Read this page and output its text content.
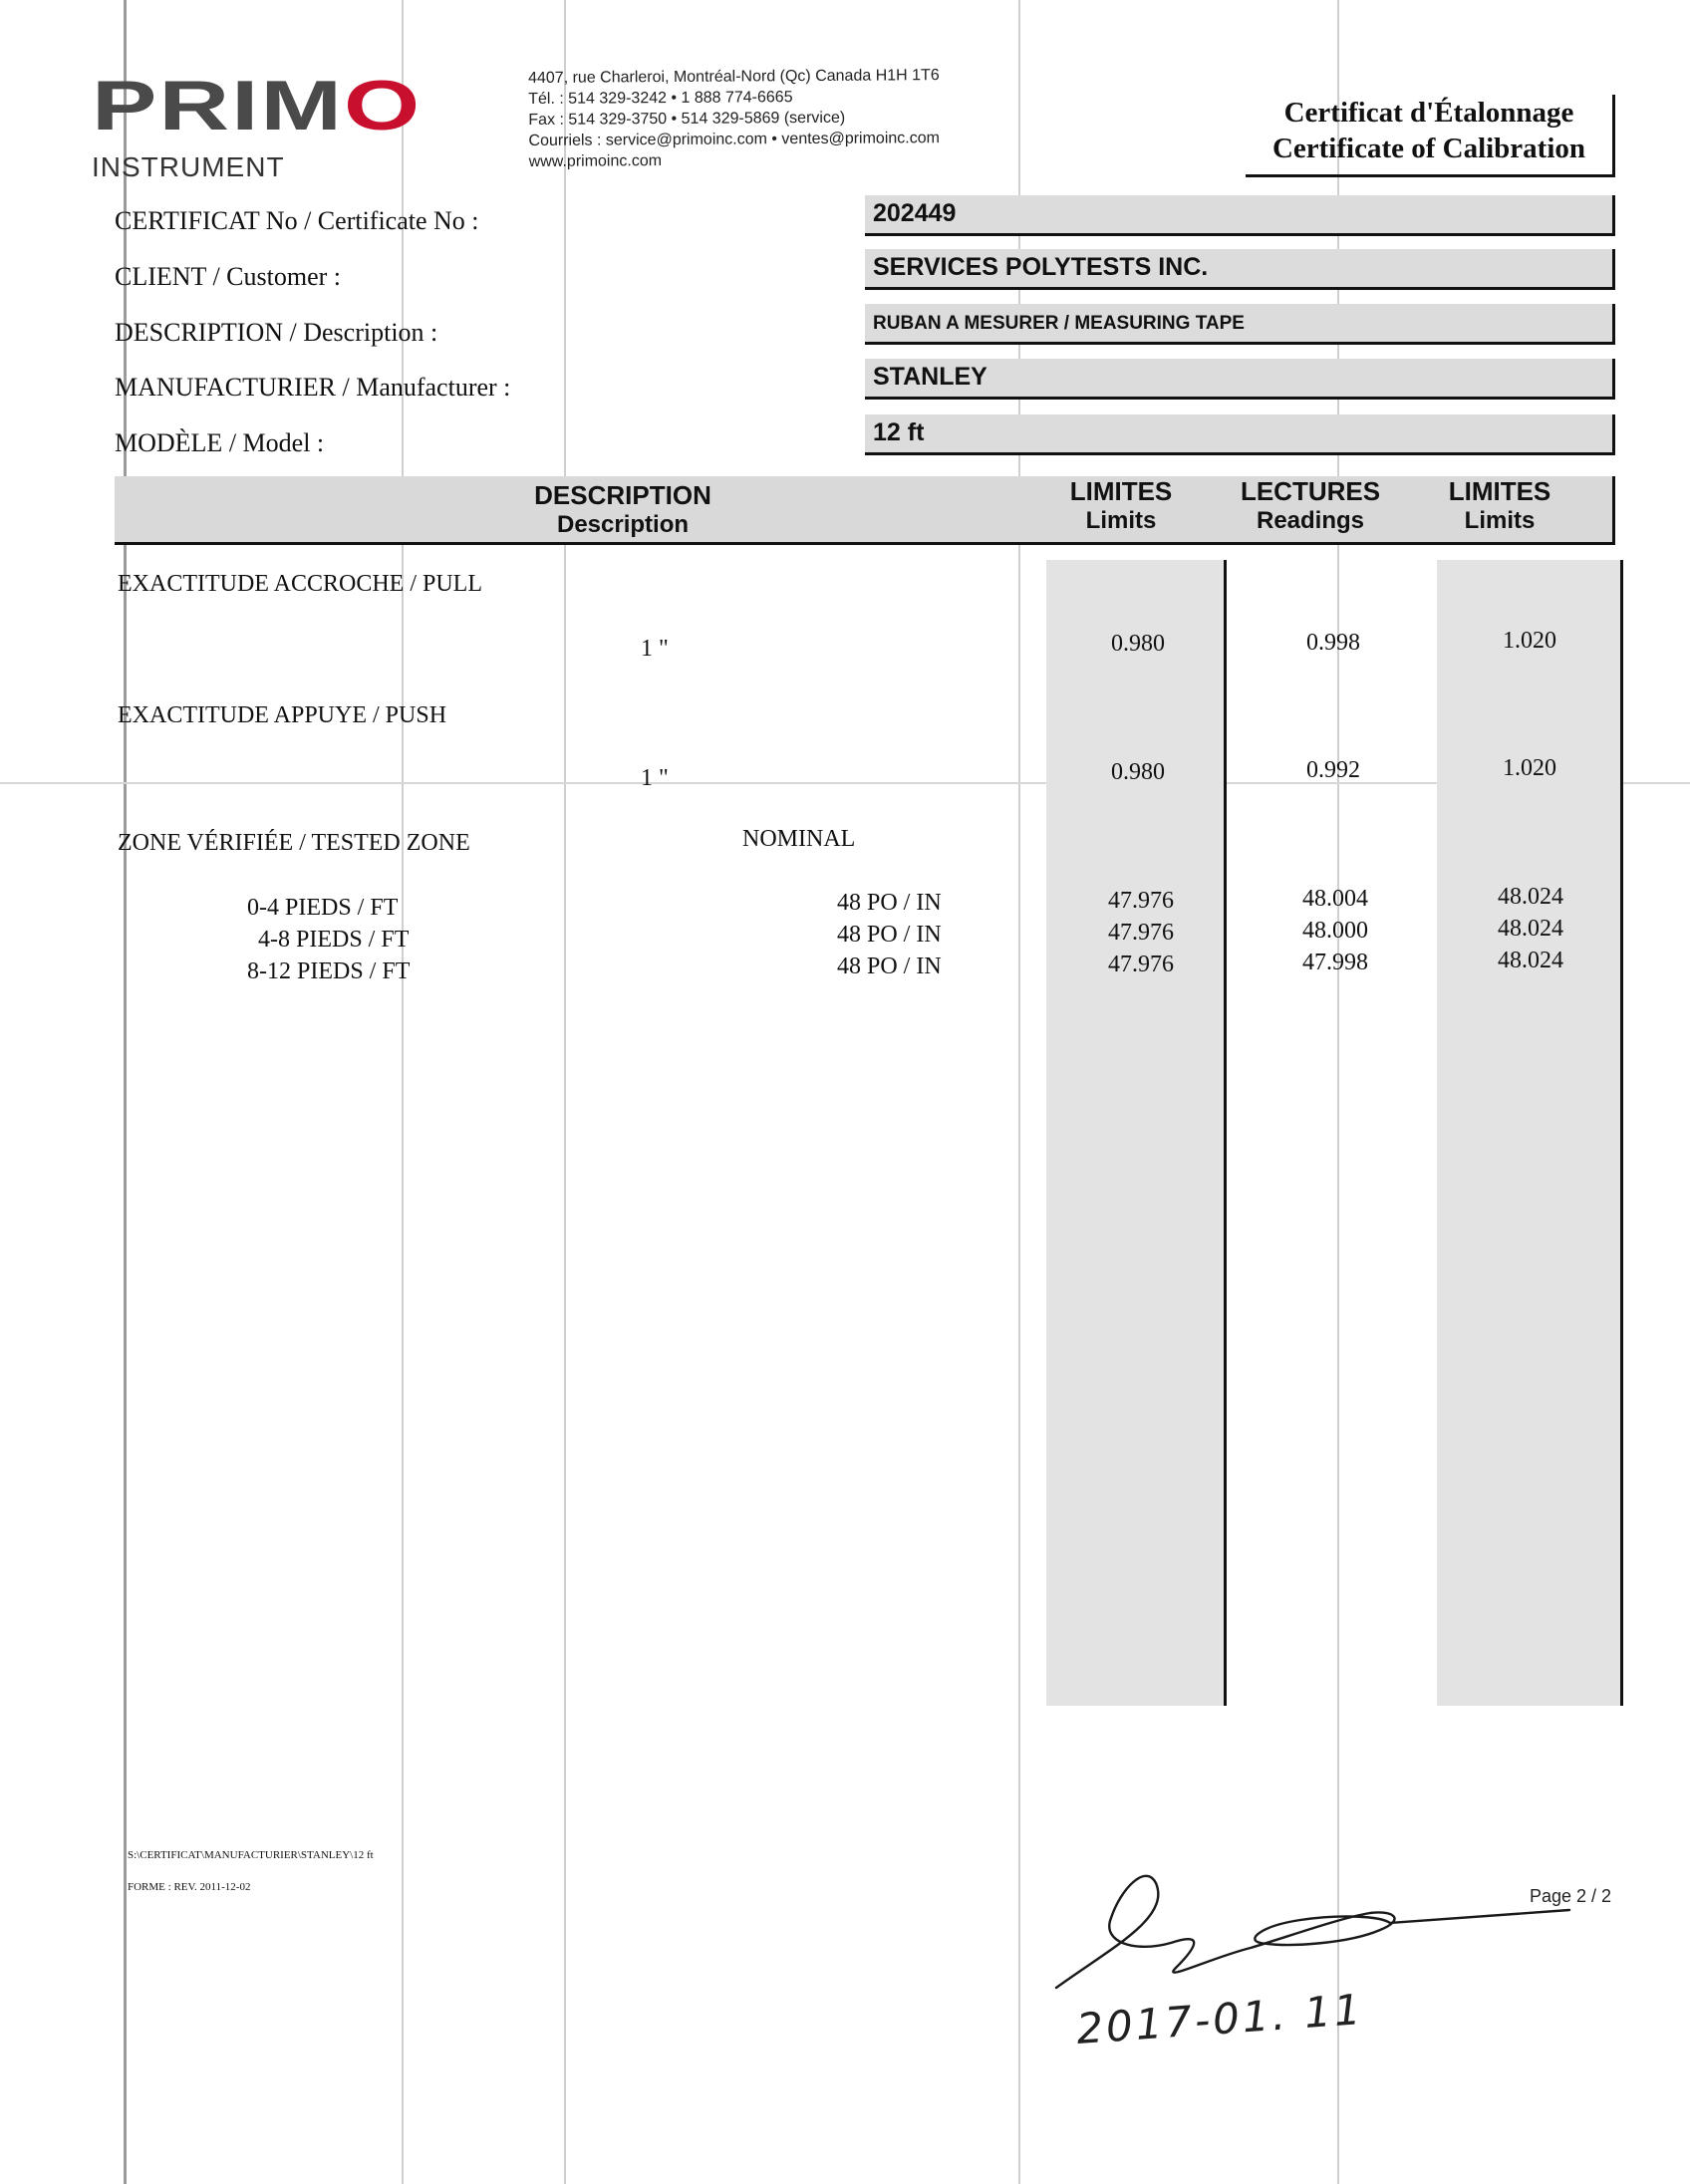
PRIMO
INSTRUMENT
4407, rue Charleroi, Montréal-Nord (Qc) Canada H1H 1T6
Tél. : 514 329-3242 • 1 888 774-6665
Fax : 514 329-3750 • 514 329-5869 (service)
Courriels : service@primoinc.com • ventes@primoinc.com
www.primoinc.com
Certificat d'Étalonnage
Certificate of Calibration
CERTIFICAT No / Certificate No :	202449
CLIENT / Customer :	SERVICES POLYTESTS INC.
DESCRIPTION / Description :	RUBAN A MESURER / MEASURING TAPE
MANUFACTURIER / Manufacturer :	STANLEY
MODÈLE / Model :	12 ft
DESCRIPTION
Description
LIMITES
Limits
LECTURES
Readings
LIMITES
Limits
EXACTITUDE ACCROCHE / PULL
1 "	0.980	0.998	1.020
EXACTITUDE APPUYE / PUSH
1 "	0.980	0.992	1.020
ZONE VÉRIFIÉE / TESTED ZONE	NOMINAL
0-4 PIEDS / FT	48 PO / IN	47.976	48.004	48.024
4-8 PIEDS / FT	48 PO / IN	47.976	48.000	48.024
8-12 PIEDS / FT	48 PO / IN	47.976	47.998	48.024
S:\CERTIFICAT\MANUFACTURIER\STANLEY\12 ft
FORME : REV. 2011-12-02	Page 2 / 2
2017-01. 11
